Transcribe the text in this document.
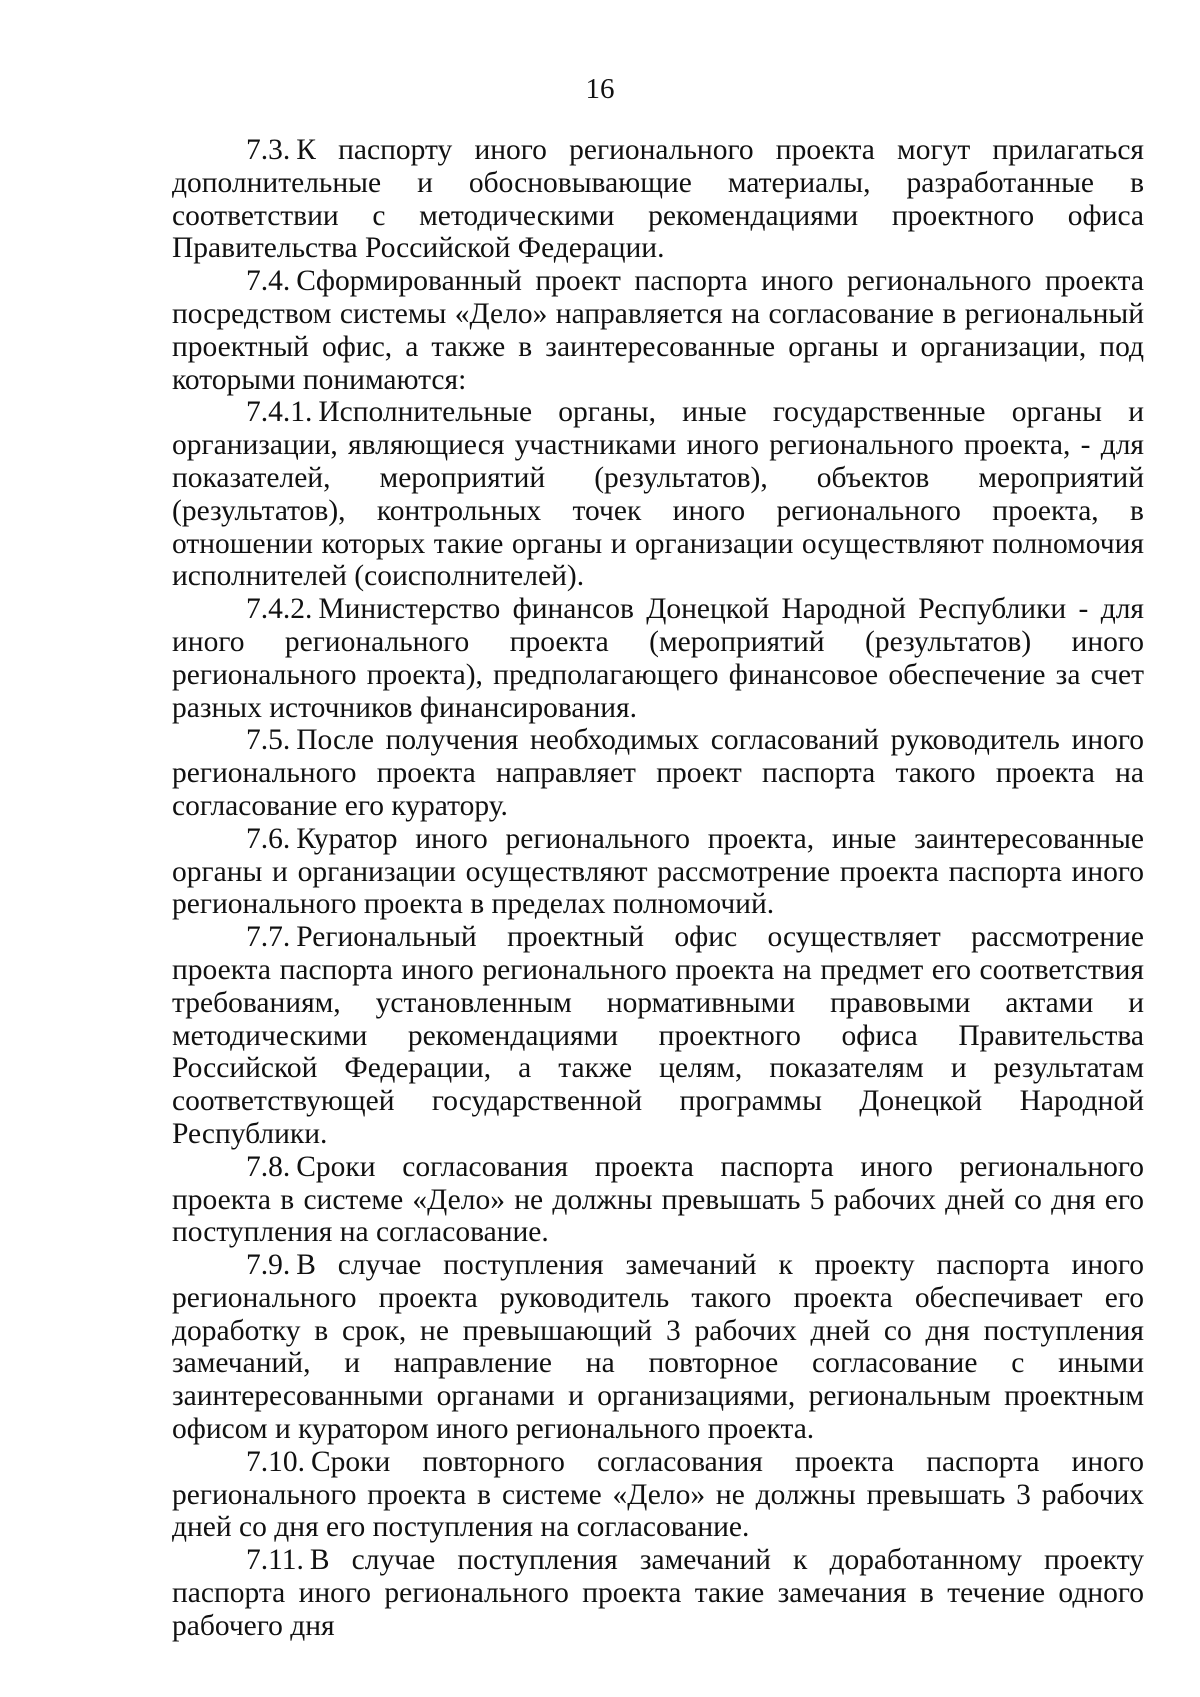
16

7.3. К паспорту иного регионального проекта могут прилагаться дополнительные и обосновывающие материалы, разработанные в соответствии с методическими рекомендациями проектного офиса Правительства Российской Федерации.

7.4. Сформированный проект паспорта иного регионального проекта посредством системы «Дело» направляется на согласование в региональный проектный офис, а также в заинтересованные органы и организации, под которыми понимаются:

7.4.1. Исполнительные органы, иные государственные органы и организации, являющиеся участниками иного регионального проекта, - для показателей, мероприятий (результатов), объектов мероприятий (результатов), контрольных точек иного регионального проекта, в отношении которых такие органы и организации осуществляют полномочия исполнителей (соисполнителей).

7.4.2. Министерство финансов Донецкой Народной Республики - для иного регионального проекта (мероприятий (результатов) иного регионального проекта), предполагающего финансовое обеспечение за счет разных источников финансирования.

7.5. После получения необходимых согласований руководитель иного регионального проекта направляет проект паспорта такого проекта на согласование его куратору.

7.6. Куратор иного регионального проекта, иные заинтересованные органы и организации осуществляют рассмотрение проекта паспорта иного регионального проекта в пределах полномочий.

7.7. Региональный проектный офис осуществляет рассмотрение проекта паспорта иного регионального проекта на предмет его соответствия требованиям, установленным нормативными правовыми актами и методическими рекомендациями проектного офиса Правительства Российской Федерации, а также целям, показателям и результатам соответствующей государственной программы Донецкой Народной Республики.

7.8. Сроки согласования проекта паспорта иного регионального проекта в системе «Дело» не должны превышать 5 рабочих дней со дня его поступления на согласование.

7.9. В случае поступления замечаний к проекту паспорта иного регионального проекта руководитель такого проекта обеспечивает его доработку в срок, не превышающий 3 рабочих дней со дня поступления замечаний, и направление на повторное согласование с иными заинтересованными органами и организациями, региональным проектным офисом и куратором иного регионального проекта.

7.10. Сроки повторного согласования проекта паспорта иного регионального проекта в системе «Дело» не должны превышать 3 рабочих дней со дня его поступления на согласование.

7.11. В случае поступления замечаний к доработанному проекту паспорта иного регионального проекта такие замечания в течение одного рабочего дня
